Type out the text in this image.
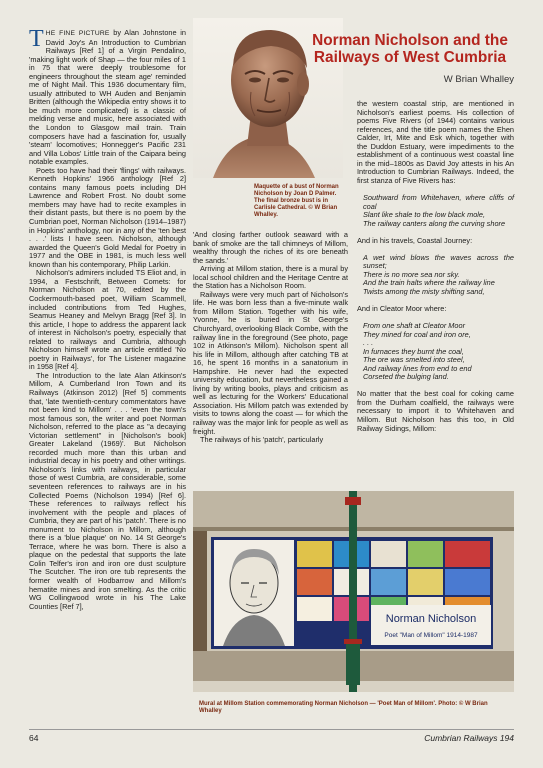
Norman Nicholson and the Railways of West Cumbria
W Brian Whalley
Maquette of a bust of Norman Nicholson by Joan D Palmer. The final bronze bust is in Carlisle Cathedral. © W Brian Whalley.

THE FINE PICTURE by Alan Johnstone in David Joy's An Introduction to Cumbrian Railways [Ref 1] of a Virgin Pendalino, 'making light work of Shap — the four miles of 1 in 75 that were deeply troublesome for engineers throughout the steam age' reminded me of Night Mail. This 1936 documentary film, usually attributed to WH Auden and Benjamin Britten (although the Wikipedia entry shows it to be much more complicated) is a classic of melding verse and music, here associated with the London to Glasgow mail train. Train composers have had a fascination for, usually 'steam' locomotives; Honnegger's Pacific 231 and Villa Lobos' Little train of the Caipara being notable examples.

Poets too have had their 'flings' with railways. Kenneth Hopkins' 1966 anthology [Ref 2] contains many famous poets including DH Lawrence and Robert Frost. No doubt some members may have had to recite examples in their distant pasts, but there is no poem by the Cumbrian poet, Norman Nicholson (1914–1987) in Hopkins' anthology, nor in any of the 'ten best . . .' lists I have seen. Nicholson, although awarded the Queen's Gold Medal for Poetry in 1977 and the OBE in 1981, is much less well known than his contemporary, Philip Larkin.

Nicholson's admirers included TS Eliot and, in 1994, a Festschrift, Between Comets: for Norman Nicholson at 70, edited by the Cockermouth-based poet, William Scammell, included contributions from Ted Hughes, Seamus Heaney and Melvyn Bragg [Ref 3]. In this article, I hope to address the apparent lack of interest in Nicholson's poetry, especially that related to railways and Cumbria, although Nicholson himself wrote an article entitled 'No poetry in Railways', for The Listener magazine in 1958 [Ref 4].

The Introduction to the late Alan Atkinson's Millom, A Cumberland Iron Town and its Railways (Atkinson 2012) [Ref 5] comments that, 'late twentieth-century commentators have not been kind to Millom' . . . 'even the town's most famous son, the writer and poet Norman Nicholson, referred to the place as "a decaying Victorian settlement" in [Nicholson's book] Greater Lakeland (1969)'. But Nicholson recorded much more than this urban and industrial decay in his poetry and other writings. Nicholson's links with railways, in particular those of west Cumbria, are considerable, some seventeen references to railways are in his Collected Poems (Nicholson 1994) [Ref 6]. These references to railways reflect his involvement with the people and places of Cumbria, they are part of his 'patch'. There is no monument to Nicholson in Millom, although there is a 'blue plaque' on No. 14 St George's Terrace, where he was born. There is also a plaque on the pedestal that supports the late Colin Telfer's iron and iron ore dust sculpture The Scutcher. The iron ore tub represents the former wealth of Hodbarrow and Millom's hematite mines and iron smelting. As the critic WG Collingwood wrote in his The Lake Counties [Ref 7],

'And closing farther outlook seaward with a bank of smoke are the tall chimneys of Millom, wealthy through the riches of its ore beneath the sands.'

Arriving at Millom station, there is a mural by local school children and the Heritage Centre at the Station has a Nicholson Room.

Railways were very much part of Nicholson's life. He was born less than a five-minute walk from Millom Station. Together with his wife, Yvonne, he is buried in St George's Churchyard, overlooking Black Combe, with the railway line in the foreground (See photo, page 102 in Atkinson's Millom). Nicholson spent all his life in Millom, although after catching TB at 16, he spent 16 months in a sanatorium in Hampshire. He never had the expected university education, but nevertheless gained a living by writing books, plays and criticism as well as lecturing for the Workers' Educational Association. His Millom patch was extended by visits to towns along the coast — for which the railway was the major link for people as well as freight.

The railways of his 'patch', particularly

the western coastal strip, are mentioned in Nicholson's earliest poems. His collection of poems Five Rivers (of 1944) contains various references, and the title poem names the Ehen Calder, Irt, Mite and Esk which, together with the Duddon Estuary, were impediments to the establishment of a continuous west coastal line in the mid–1800s as David Joy attests in his An Introduction to Cumbrian Railways. Indeed, the first stanza of Five Rivers has:

Southward from Whitehaven, where cliffs of coal
Slant like shale to the low black mole,
The railway canters along the curving shore

And in his travels, Coastal Journey:

A wet wind blows the waves across the sunset;
There is no more sea nor sky.
And the train halts where the railway line
Twists among the misty shifting sand,

And in Cleator Moor where:

From one shaft at Cleator Moor
They mined for coal and iron ore,
. . .
In furnaces they burnt the coal,
The ore was smelted into steel,
And railway lines from end to end
Corseted the bulging land.

No matter that the best coal for coking came from the Durham coalfield, the railways were necessary to import it to Whitehaven and Millom. But Nicholson has this too, in Old Railway Sidings, Millom:

Norman Nicholson
Poet "Man of Millom" 1914-1987
Mural at Millom Station commemorating Norman Nicholson — 'Poet Man of Millom'. Photo: © W Brian Whalley
64	Cumbrian Railways 194
